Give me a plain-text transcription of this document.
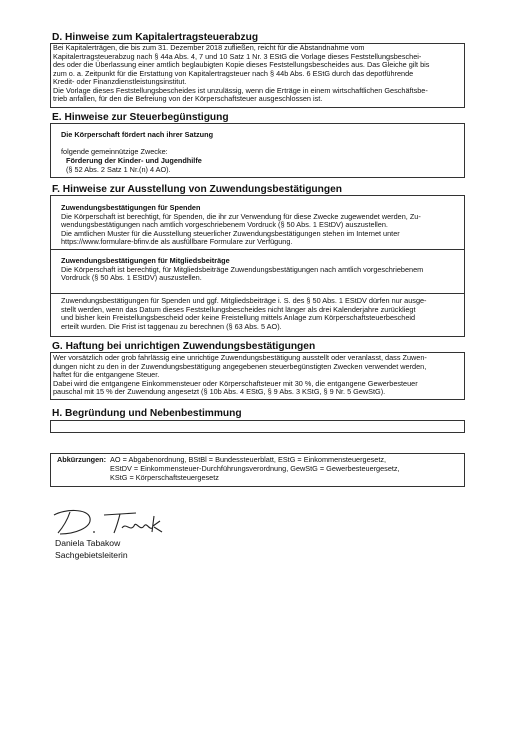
D. Hinweise zum Kapitalertragsteuerabzug
Bei Kapitalerträgen, die bis zum 31. Dezember 2018 zufließen, reicht für die Abstandnahme vom
Kapitalertragsteuerabzug nach § 44a Abs. 4, 7 und 10 Satz 1 Nr. 3 EStG die Vorlage dieses Feststellungsbeschei-
des oder die Überlassung einer amtlich beglaubigten Kopie dieses Feststellungsbescheides aus. Das Gleiche gilt bis
zum o. a. Zeitpunkt für die Erstattung von Kapitalertragsteuer nach § 44b Abs. 6 EStG durch das depotführende
Kredit- oder Finanzdienstleistungsinstitut.
Die Vorlage dieses Feststellungsbescheides ist unzulässig, wenn die Erträge in einem wirtschaftlichen Geschäftsbe-
trieb anfallen, für den die Befreiung von der Körperschaftsteuer ausgeschlossen ist.
E. Hinweise zur Steuerbegünstigung
Die Körperschaft fördert nach ihrer Satzung
folgende gemeinnützige Zwecke:
Förderung der Kinder- und Jugendhilfe
(§ 52 Abs. 2 Satz 1 Nr.(n) 4 AO).
F. Hinweise zur Ausstellung von Zuwendungsbestätigungen
Zuwendungsbestätigungen für Spenden
Die Körperschaft ist berechtigt, für Spenden, die ihr zur Verwendung für diese Zwecke zugewendet werden, Zu-
wendungsbestätigungen nach amtlich vorgeschriebenem Vordruck (§ 50 Abs. 1 EStDV) auszustellen.
Die amtlichen Muster für die Ausstellung steuerlicher Zuwendungsbestätigungen stehen im Internet unter
https://www.formulare-bfinv.de als ausfüllbare Formulare zur Verfügung.
Zuwendungsbestätigungen für Mitgliedsbeiträge
Die Körperschaft ist berechtigt, für Mitgliedsbeiträge Zuwendungsbestätigungen nach amtlich vorgeschriebenem
Vordruck (§ 50 Abs. 1 EStDV) auszustellen.
Zuwendungsbestätigungen für Spenden und ggf. Mitgliedsbeiträge i. S. des § 50 Abs. 1 EStDV dürfen nur ausge-
stellt werden, wenn das Datum dieses Feststellungsbescheides nicht länger als drei Kalenderjahre zurückliegt
und bisher kein Freistellungsbescheid oder keine Freistellung mittels Anlage zum Körperschaftsteuerbescheid
erteilt wurden. Die Frist ist taggenau zu berechnen (§ 63 Abs. 5 AO).
G. Haftung bei unrichtigen Zuwendungsbestätigungen
Wer vorsätzlich oder grob fahrlässig eine unrichtige Zuwendungsbestätigung ausstellt oder veranlasst, dass Zuwen-
dungen nicht zu den in der Zuwendungsbestätigung angegebenen steuerbegünstigten Zwecken verwendet werden,
haftet für die entgangene Steuer.
Dabei wird die entgangene Einkommensteuer oder Körperschaftsteuer mit 30 %, die entgangene Gewerbesteuer
pauschal mit 15 % der Zuwendung angesetzt (§ 10b Abs. 4 EStG, § 9 Abs. 3 KStG, § 9 Nr. 5 GewStG).
H. Begründung und Nebenbestimmung
Abkürzungen: AO = Abgabenordnung, BStBl = Bundessteuerblatt, EStG = Einkommensteuergesetz,
EStDV = Einkommensteuer-Durchführungsverordnung, GewStG = Gewerbesteuergesetz,
KStG = Körperschaftsteuergesetz
Daniela Tabakow
Sachgebietsleiterin
